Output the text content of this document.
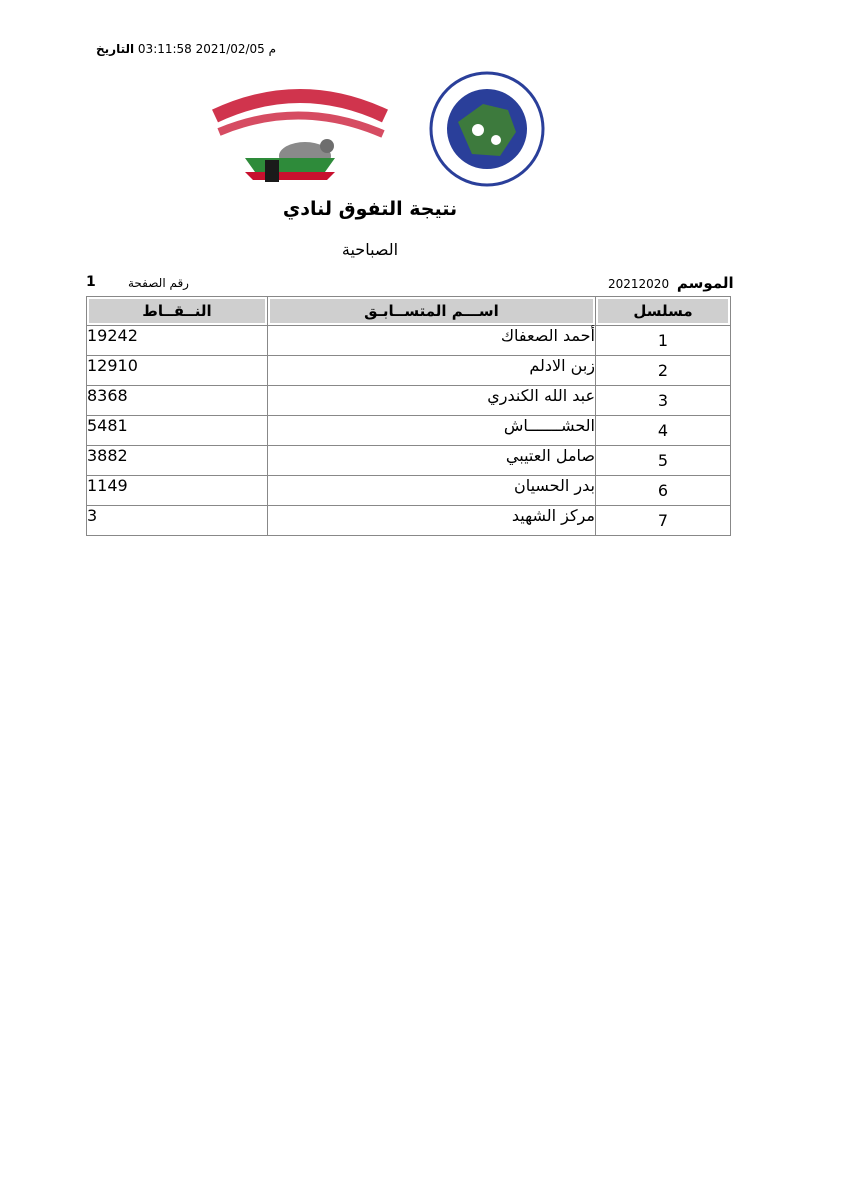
م 2021/02/05 03:11:58 التاريخ
نتيجة التفوق لنادي
الصباحية
رقم الصفحة
1	20212020 الموسم
مسلسل	اســـم المتســابـق	النــقــاط
1	أحمد الصعفاك	19242
2	زبن الادلم	12910
3	عبد الله الكندري	8368
4	الحشـــــــاش	5481
5	صامل العتيبي	3882
6	بدر الحسيان	1149
7	مركز الشهيد	3
